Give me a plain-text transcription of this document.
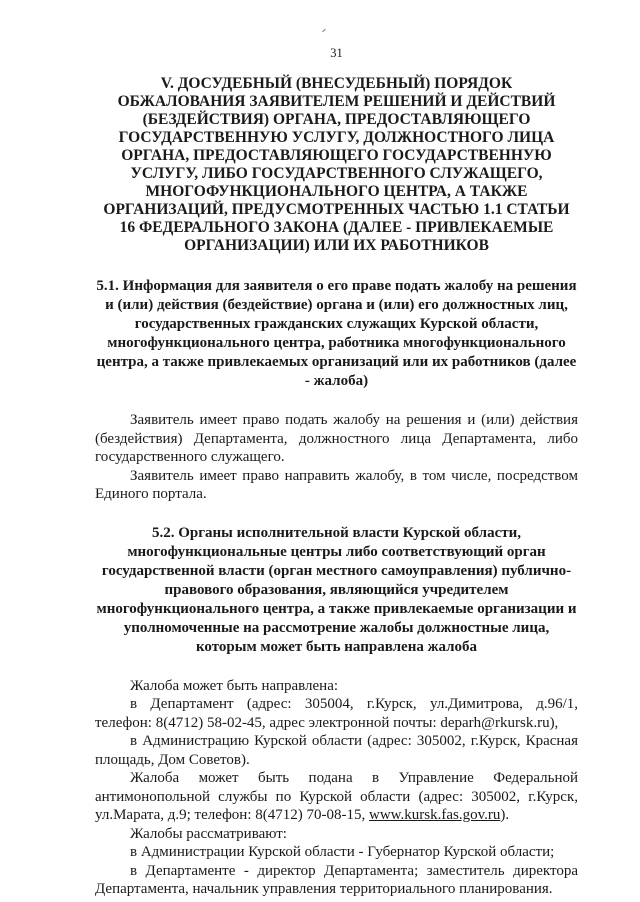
31
V. ДОСУДЕБНЫЙ (ВНЕСУДЕБНЫЙ) ПОРЯДОК ОБЖАЛОВАНИЯ ЗАЯВИТЕЛЕМ РЕШЕНИЙ И ДЕЙСТВИЙ (БЕЗДЕЙСТВИЯ) ОРГАНА, ПРЕДОСТАВЛЯЮЩЕГО ГОСУДАРСТВЕННУЮ УСЛУГУ, ДОЛЖНОСТНОГО ЛИЦА ОРГАНА, ПРЕДОСТАВЛЯЮЩЕГО ГОСУДАРСТВЕННУЮ УСЛУГУ, ЛИБО ГОСУДАРСТВЕННОГО СЛУЖАЩЕГО, МНОГОФУНКЦИОНАЛЬНОГО ЦЕНТРА, А ТАКЖЕ ОРГАНИЗАЦИЙ, ПРЕДУСМОТРЕННЫХ ЧАСТЬЮ 1.1 СТАТЬИ 16 ФЕДЕРАЛЬНОГО ЗАКОНА (ДАЛЕЕ - ПРИВЛЕКАЕМЫЕ ОРГАНИЗАЦИИ) ИЛИ ИХ РАБОТНИКОВ
5.1. Информация для заявителя о его праве подать жалобу на решения и (или) действия (бездействие) органа и (или) его должностных лиц, государственных гражданских служащих Курской области, многофункционального центра, работника многофункционального центра, а также привлекаемых организаций или их работников (далее - жалоба)

Заявитель имеет право подать жалобу на решения и (или) действия (бездействия) Департамента, должностного лица Департамента, либо государственного служащего.

Заявитель имеет право направить жалобу, в том числе, посредством Единого портала.

5.2. Органы исполнительной власти Курской области, многофункциональные центры либо соответствующий орган государственной власти (орган местного самоуправления) публично-правового образования, являющийся учредителем многофункционального центра, а также привлекаемые организации и уполномоченные на рассмотрение жалобы должностные лица, которым может быть направлена жалоба

Жалоба может быть направлена:

в Департамент (адрес: 305004, г.Курск, ул.Димитрова, д.96/1, телефон: 8(4712) 58-02-45, адрес электронной почты: deparh@rkursk.ru),

в Администрацию Курской области (адрес: 305002, г.Курск, Красная площадь, Дом Советов).

Жалоба может быть подана в Управление Федеральной антимонопольной службы по Курской области (адрес: 305002, г.Курск, ул.Марата, д.9; телефон: 8(4712) 70-08-15, www.kursk.fas.gov.ru).

Жалобы рассматривают:

в Администрации Курской области - Губернатор Курской области;

в Департаменте - директор Департамента; заместитель директора Департамента, начальник управления территориального планирования.
